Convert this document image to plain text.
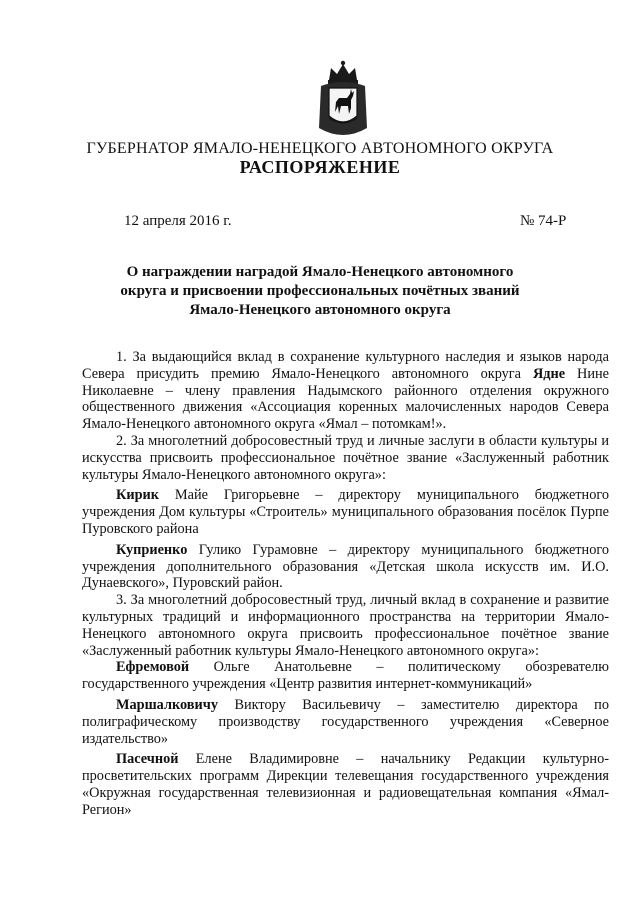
ГУБЕРНАТОР ЯМАЛО-НЕНЕЦКОГО АВТОНОМНОГО ОКРУГА
РАСПОРЯЖЕНИЕ
12 апреля 2016 г.	№ 74-Р
О награждении наградой Ямало-Ненецкого автономного
округа и присвоении профессиональных почётных званий
Ямало-Ненецкого автономного округа

1. За выдающийся вклад в сохранение культурного наследия и языков народа Севера присудить премию Ямало-Ненецкого автономного округа Ядне Нине Николаевне – члену правления Надымского районного отделения окружного общественного движения «Ассоциация коренных малочисленных народов Севера Ямало-Ненецкого автономного округа «Ямал – потомкам!».

2. За многолетний добросовестный труд и личные заслуги в области культуры и искусства присвоить профессиональное почётное звание «Заслуженный работник культуры Ямало-Ненецкого автономного округа»:

Кирик Майе Григорьевне – директору муниципального бюджетного учреждения Дом культуры «Строитель» муниципального образования посёлок Пурпе Пуровского района

Куприенко Гулико Гурамовне – директору муниципального бюджетного учреждения дополнительного образования «Детская школа искусств им. И.О. Дунаевского», Пуровский район.

3. За многолетний добросовестный труд, личный вклад в сохранение и развитие культурных традиций и информационного пространства на территории Ямало-Ненецкого автономного округа присвоить профессиональное почётное звание «Заслуженный работник культуры Ямало-Ненецкого автономного округа»:

Ефремовой Ольге Анатольевне – политическому обозревателю государственного учреждения «Центр развития интернет-коммуникаций»

Маршалковичу Виктору Васильевичу – заместителю директора по полиграфическому производству государственного учреждения «Северное издательство»

Пасечной Елене Владимировне – начальнику Редакции культурно-просветительских программ Дирекции телевещания государственного учреждения «Окружная государственная телевизионная и радиовещательная компания «Ямал-Регион»
